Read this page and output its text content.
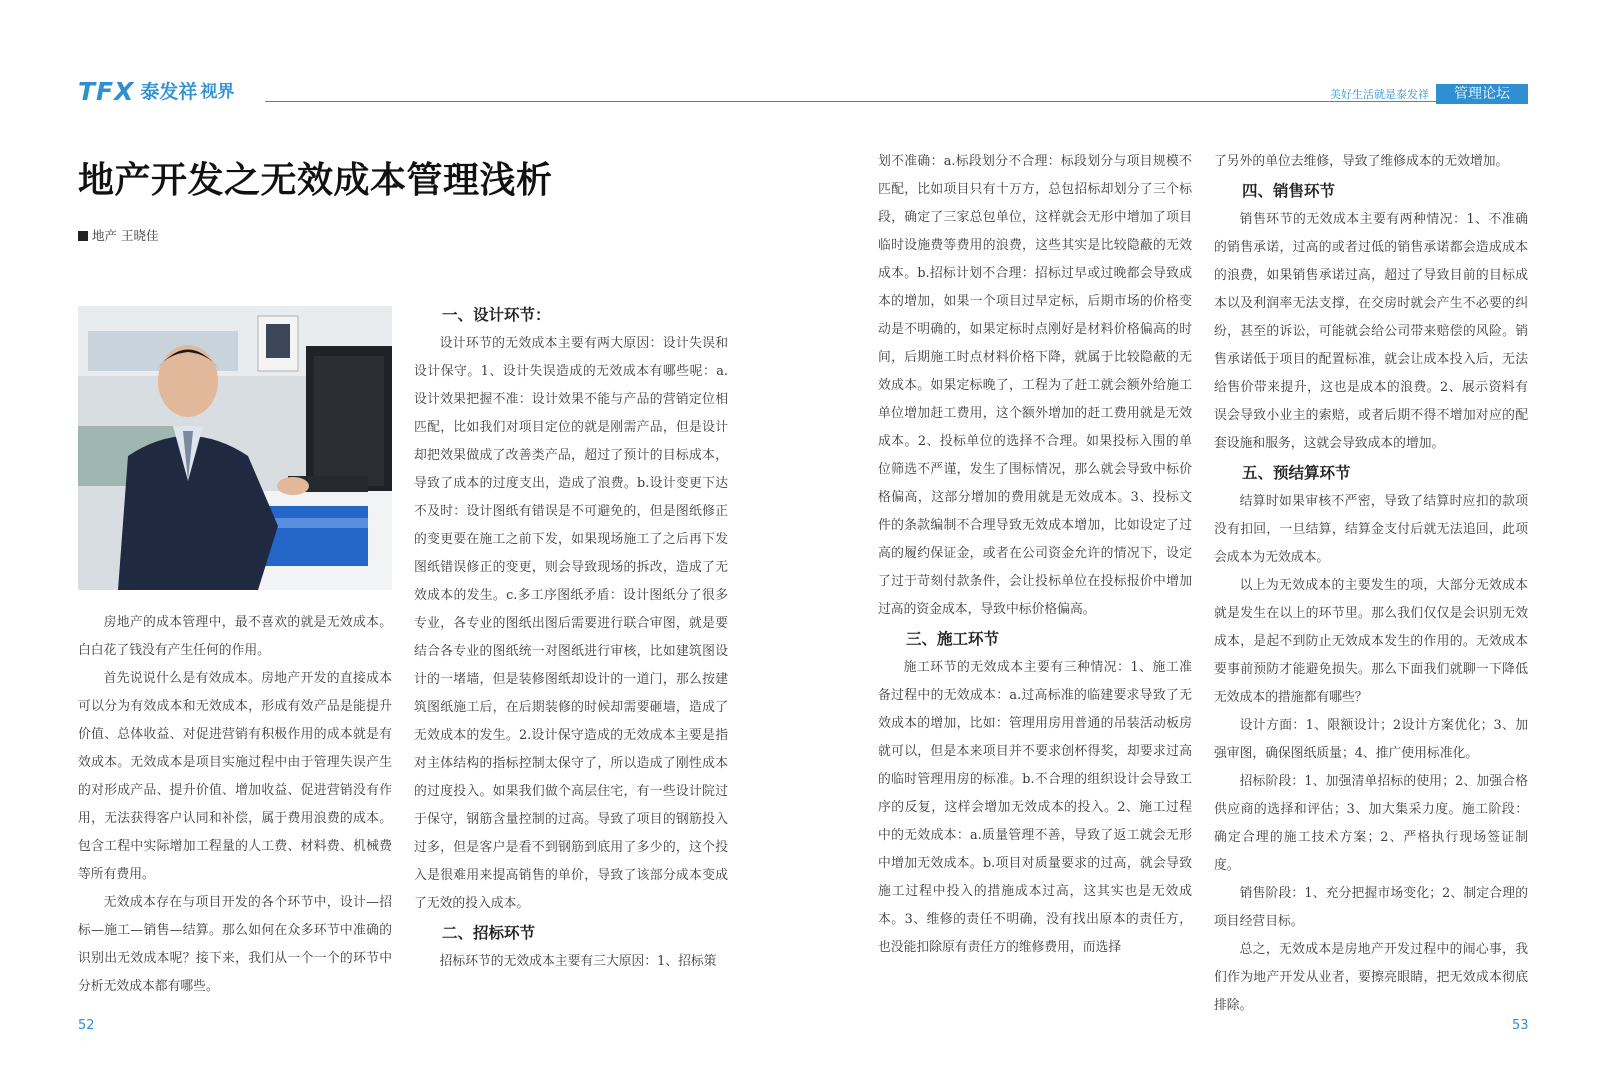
TFX 泰发祥 视界	美好生活就是泰发祥	管理论坛
地产开发之无效成本管理浅析
地产 王晓佳

房地产的成本管理中，最不喜欢的就是无效成本。白白花了钱没有产生任何的作用。

首先说说什么是有效成本。房地产开发的直接成本可以分为有效成本和无效成本，形成有效产品是能提升价值、总体收益、对促进营销有积极作用的成本就是有效成本。无效成本是项目实施过程中由于管理失误产生的对形成产品、提升价值、增加收益、促进营销没有作用，无法获得客户认同和补偿，属于费用浪费的成本。包含工程中实际增加工程量的人工费、材料费、机械费等所有费用。

无效成本存在与项目开发的各个环节中，设计—招标—施工—销售—结算。那么如何在众多环节中准确的识别出无效成本呢？接下来，我们从一个一个的环节中分析无效成本都有哪些。

一、设计环节：

设计环节的无效成本主要有两大原因：设计失误和设计保守。1、设计失误造成的无效成本有哪些呢：a.设计效果把握不准：设计效果不能与产品的营销定位相匹配，比如我们对项目定位的就是刚需产品，但是设计却把效果做成了改善类产品，超过了预计的目标成本，导致了成本的过度支出，造成了浪费。b.设计变更下达不及时：设计图纸有错误是不可避免的，但是图纸修正的变更要在施工之前下发，如果现场施工了之后再下发图纸错误修正的变更，则会导致现场的拆改，造成了无效成本的发生。c.多工序图纸矛盾：设计图纸分了很多专业，各专业的图纸出图后需要进行联合审图，就是要结合各专业的图纸统一对图纸进行审核，比如建筑图设计的一堵墙，但是装修图纸却设计的一道门，那么按建筑图纸施工后，在后期装修的时候却需要砸墙，造成了无效成本的发生。2.设计保守造成的无效成本主要是指对主体结构的指标控制太保守了，所以造成了刚性成本的过度投入。如果我们做个高层住宅，有一些设计院过于保守，钢筋含量控制的过高。导致了项目的钢筋投入过多，但是客户是看不到钢筋到底用了多少的，这个投入是很难用来提高销售的单价，导致了该部分成本变成了无效的投入成本。

二、招标环节

招标环节的无效成本主要有三大原因：1、招标策

划不准确：a.标段划分不合理：标段划分与项目规模不匹配，比如项目只有十万方，总包招标却划分了三个标段，确定了三家总包单位，这样就会无形中增加了项目临时设施费等费用的浪费，这些其实是比较隐蔽的无效成本。b.招标计划不合理：招标过早或过晚都会导致成本的增加，如果一个项目过早定标，后期市场的价格变动是不明确的，如果定标时点刚好是材料价格偏高的时间，后期施工时点材料价格下降，就属于比较隐蔽的无效成本。如果定标晚了，工程为了赶工就会额外给施工单位增加赶工费用，这个额外增加的赶工费用就是无效成本。2、投标单位的选择不合理。如果投标入围的单位筛选不严谨，发生了围标情况，那么就会导致中标价格偏高，这部分增加的费用就是无效成本。3、投标文件的条款编制不合理导致无效成本增加，比如设定了过高的履约保证金，或者在公司资金允许的情况下，设定了过于苛刻付款条件，会让投标单位在投标报价中增加过高的资金成本，导致中标价格偏高。

三、施工环节

施工环节的无效成本主要有三种情况：1、施工准备过程中的无效成本：a.过高标准的临建要求导致了无效成本的增加，比如：管理用房用普通的吊装活动板房就可以，但是本来项目并不要求创杯得奖，却要求过高的临时管理用房的标准。b.不合理的组织设计会导致工序的反复，这样会增加无效成本的投入。2、施工过程中的无效成本：a.质量管理不善，导致了返工就会无形中增加无效成本。b.项目对质量要求的过高，就会导致施工过程中投入的措施成本过高，这其实也是无效成本。3、维修的责任不明确，没有找出原本的责任方，也没能扣除原有责任方的维修费用，而选择

了另外的单位去维修，导致了维修成本的无效增加。

四、销售环节

销售环节的无效成本主要有两种情况：1、不准确的销售承诺，过高的或者过低的销售承诺都会造成成本的浪费，如果销售承诺过高，超过了导致目前的目标成本以及利润率无法支撑，在交房时就会产生不必要的纠纷，甚至的诉讼，可能就会给公司带来赔偿的风险。销售承诺低于项目的配置标准，就会让成本投入后，无法给售价带来提升，这也是成本的浪费。2、展示资料有误会导致小业主的索赔，或者后期不得不增加对应的配套设施和服务，这就会导致成本的增加。

五、预结算环节

结算时如果审核不严密，导致了结算时应扣的款项没有扣回，一旦结算，结算金支付后就无法追回，此项会成本为无效成本。

以上为无效成本的主要发生的项，大部分无效成本就是发生在以上的环节里。那么我们仅仅是会识别无效成本，是起不到防止无效成本发生的作用的。无效成本要事前预防才能避免损失。那么下面我们就聊一下降低无效成本的措施都有哪些？

设计方面：1、限额设计；2设计方案优化；3、加强审图，确保图纸质量；4、推广使用标准化。

招标阶段：1、加强清单招标的使用；2、加强合格供应商的选择和评估；3、加大集采力度。施工阶段：确定合理的施工技术方案；2、严格执行现场签证制度。

销售阶段：1、充分把握市场变化；2、制定合理的项目经营目标。

总之，无效成本是房地产开发过程中的闹心事，我们作为地产开发从业者，要擦亮眼睛，把无效成本彻底排除。

52	53
